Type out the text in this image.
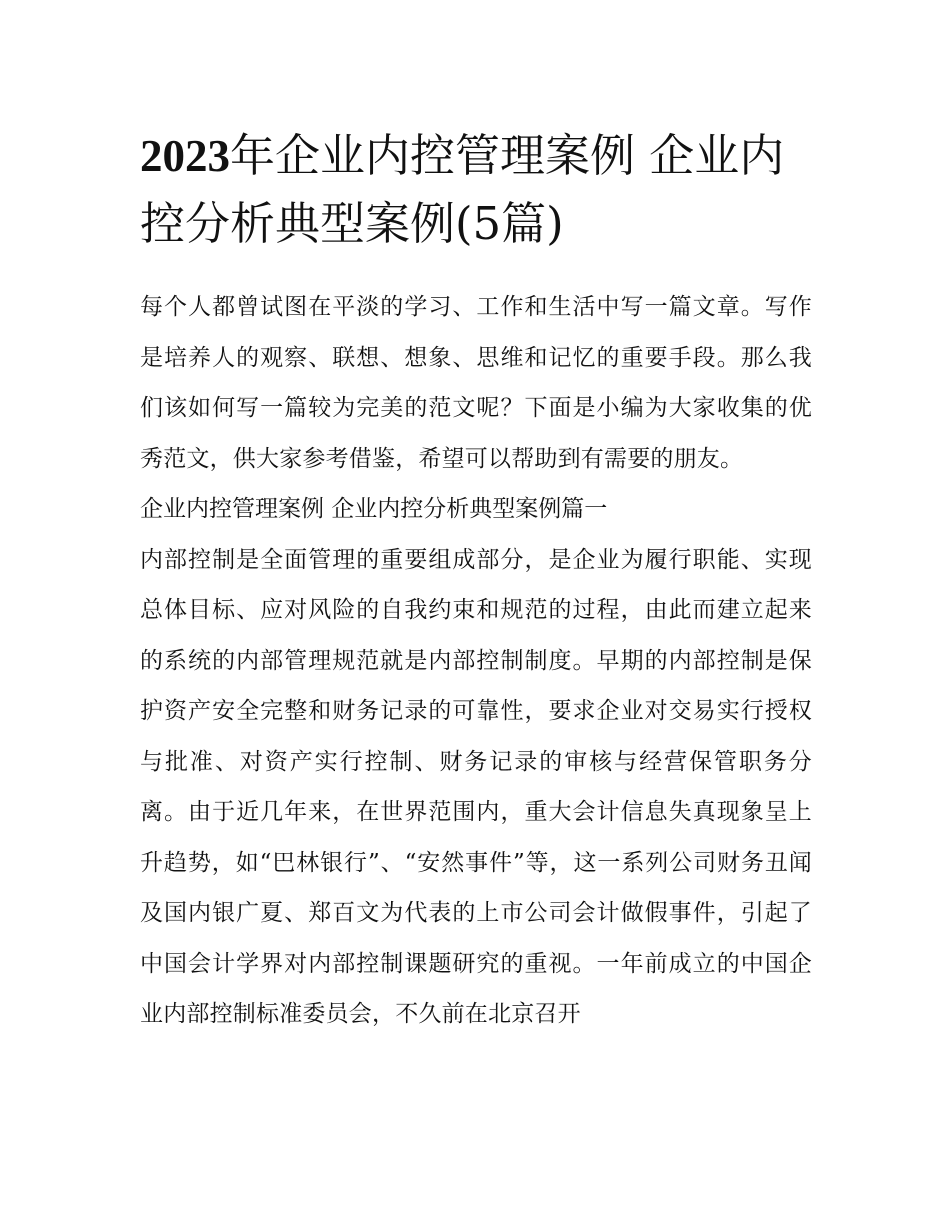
2023年企业内控管理案例 企业内控分析典型案例(5篇)

每个人都曾试图在平淡的学习、工作和生活中写一篇文章。写作是培养人的观察、联想、想象、思维和记忆的重要手段。那么我们该如何写一篇较为完美的范文呢？下面是小编为大家收集的优秀范文，供大家参考借鉴，希望可以帮助到有需要的朋友。

企业内控管理案例 企业内控分析典型案例篇一

内部控制是全面管理的重要组成部分，是企业为履行职能、实现总体目标、应对风险的自我约束和规范的过程，由此而建立起来的系统的内部管理规范就是内部控制制度。早期的内部控制是保护资产安全完整和财务记录的可靠性，要求企业对交易实行授权与批准、对资产实行控制、财务记录的审核与经营保管职务分离。由于近几年来，在世界范围内，重大会计信息失真现象呈上升趋势，如“巴林银行”、“安然事件”等，这一系列公司财务丑闻及国内银广夏、郑百文为代表的上市公司会计做假事件，引起了中国会计学界对内部控制课题研究的重视。一年前成立的中国企业内部控制标准委员会，不久前在北京召开
